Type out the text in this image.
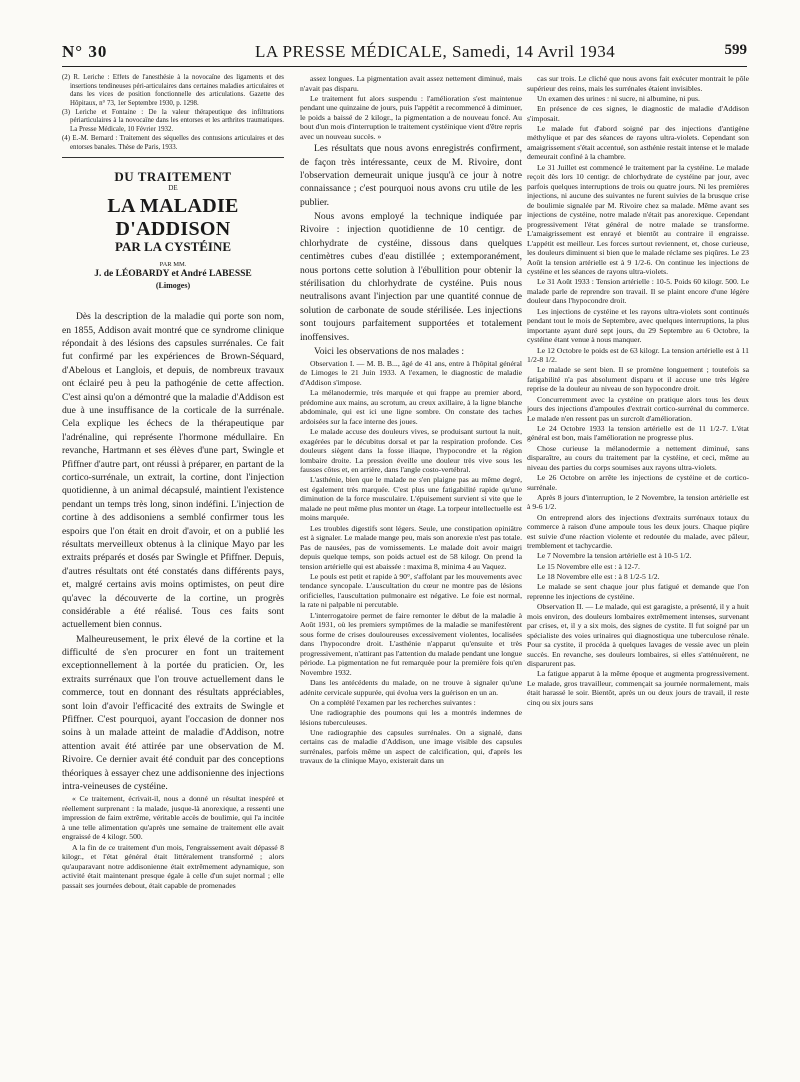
N° 30	LA PRESSE MÉDICALE, Samedi, 14 Avril 1934	599

(2) R. Leriche : Effets de l'anesthésie à la novocaïne des ligaments et des insertions tendineuses péri-articulaires dans certaines maladies articulaires et dans les vices de position fonctionnelle des articulations. Gazette des Hôpitaux, n° 73, 1er Septembre 1930, p. 1298.

(3) Leriche et Fontaine : De la valeur thérapeutique des infiltrations périarticulaires à la novocaïne dans les entorses et les arthrites traumatiques. La Presse Médicale, 10 Février 1932.

(4) E.-M. Bernard : Traitement des séquelles des contusions articulaires et des entorses banales. Thèse de Paris, 1933.

DU TRAITEMENT
DE
LA MALADIE D'ADDISON
PAR LA CYSTÉINE
PAR MM.
J. de LÉOBARDY et André LABESSE
(Limoges)

Dès la description de la maladie qui porte son nom, en 1855, Addison avait montré que ce syndrome clinique répondait à des lésions des capsules surrénales. Ce fait fut confirmé par les expériences de Brown-Séquard, d'Abelous et Langlois, et depuis, de nombreux travaux ont éclairé peu à peu la pathogénie de cette affection. C'est ainsi qu'on a démontré que la maladie d'Addison est due à une insuffisance de la corticale de la surrénale. Cela explique les échecs de la thérapeutique par l'adrénaline, qui représente l'hormone médullaire. En revanche, Hartmann et ses élèves d'une part, Swingle et Pfiffner d'autre part, ont réussi à préparer, en partant de la cortico-surrénale, un extrait, la cortine, dont l'injection quotidienne, à un animal décapsulé, maintient l'existence pendant un temps très long, sinon indéfini. L'injection de cortine à des addisoniens a semblé confirmer tous les espoirs que l'on était en droit d'avoir, et on a publié les résultats merveilleux obtenus à la clinique Mayo par les extraits préparés et dosés par Swingle et Pfiffner. Depuis, d'autres résultats ont été constatés dans différents pays, et, malgré certains avis moins optimistes, on peut dire qu'avec la découverte de la cortine, un progrès considérable a été réalisé. Tous ces faits sont actuellement bien connus.

Malheureusement, le prix élevé de la cortine et la difficulté de s'en procurer en font un traitement exceptionnellement à la portée du praticien. Or, les extraits surrénaux que l'on trouve actuellement dans le commerce, tout en donnant des résultats appréciables, sont loin d'avoir l'efficacité des extraits de Swingle et Pfiffner. C'est pourquoi, ayant l'occasion de donner nos soins à un malade atteint de maladie d'Addison, notre attention avait été attirée par une observation de M. Rivoire. Ce dernier avait été conduit par des conceptions théoriques à essayer chez une addisonienne des injections intra-veineuses de cystéine.

« Ce traitement, écrivait-il, nous a donné un résultat inespéré et réellement surprenant : la malade, jusque-là anorexique, a ressenti une impression de faim extrême, véritable accès de boulimie, qui l'a incitée à une telle alimentation qu'après une semaine de traitement elle avait engraissé de 4 kilogr. 500.

A la fin de ce traitement d'un mois, l'engraissement avait dépassé 8 kilogr., et l'état général était littéralement transformé ; alors qu'auparavant notre addisonienne était extrêmement adynamique, son activité était maintenant presque égale à celle d'un sujet normal ; elle passait ses journées debout, était capable de promenades

assez longues. La pigmentation avait assez nettement diminué, mais n'avait pas disparu.

Le traitement fut alors suspendu : l'amélioration s'est maintenue pendant une quinzaine de jours, puis l'appétit a recommencé à diminuer, le poids a baissé de 2 kilogr., la pigmentation a de nouveau foncé. Au bout d'un mois d'interruption le traitement cystéinique vient d'être repris avec un nouveau succès. »

Les résultats que nous avons enregistrés confirment, de façon très intéressante, ceux de M. Rivoire, dont l'observation demeurait unique jusqu'à ce jour à notre connaissance ; c'est pourquoi nous avons cru utile de les publier.

Nous avons employé la technique indiquée par Rivoire : injection quotidienne de 10 centigr. de chlorhydrate de cystéine, dissous dans quelques centimètres cubes d'eau distillée ; extemporanément, nous portons cette solution à l'ébullition pour obtenir la stérilisation du chlorhydrate de cystéine. Puis nous neutralisons avant l'injection par une quantité connue de solution de carbonate de soude stérilisée. Les injections sont toujours parfaitement supportées et totalement inoffensives.

Voici les observations de nos malades :

Observation I. — M. B. B..., âgé de 41 ans, entre à l'hôpital général de Limoges le 21 Juin 1933. A l'examen, le diagnostic de maladie d'Addison s'impose.

La mélanodermie, très marquée et qui frappe au premier abord, prédomine aux mains, au scrotum, au creux axillaire, à la ligne blanche abdominale, qui est ici une ligne sombre. On constate des taches ardoisées sur la face interne des joues.

Le malade accuse des douleurs vives, se produisant surtout la nuit, exagérées par le décubitus dorsal et par la respiration profonde. Ces douleurs siègent dans la fosse iliaque, l'hypocondre et la région lombaire droite. La pression éveille une douleur très vive sous les fausses côtes et, en arrière, dans l'angle costo-vertébral.

L'asthénie, bien que le malade ne s'en plaigne pas au même degré, est également très marquée. C'est plus une fatigabilité rapide qu'une diminution de la force musculaire. L'épuisement survient si vite que le malade ne peut même plus monter un étage. La torpeur intellectuelle est moins marquée.

Les troubles digestifs sont légers. Seule, une constipation opiniâtre est à signaler. Le malade mange peu, mais son anorexie n'est pas totale. Pas de nausées, pas de vomissements. Le malade doit avoir maigri depuis quelque temps, son poids actuel est de 58 kilogr. On prend la tension artérielle qui est abaissée : maxima 8, minima 4 au Vaquez.

Le pouls est petit et rapide à 90°, s'affolant par les mouvements avec tendance syncopale. L'auscultation du cœur ne montre pas de lésions orificielles, l'auscultation pulmonaire est négative. Le foie est normal, la rate ni palpable ni percutable.

L'interrogatoire permet de faire remonter le début de la maladie à Août 1931, où les premiers symptômes de la maladie se manifestèrent sous forme de crises douloureuses excessivement violentes, localisées dans l'hypocondre droit. L'asthénie n'apparut qu'ensuite et très progressivement, n'attirant pas l'attention du malade pendant une longue période. La pigmentation ne fut remarquée pour la première fois qu'en Novembre 1932.

Dans les antécédents du malade, on ne trouve à signaler qu'une adénite cervicale suppurée, qui évolua vers la guérison en un an.

On a complété l'examen par les recherches suivantes :

Une radiographie des poumons qui les a montrés indemnes de lésions tuberculeuses.

Une radiographie des capsules surrénales. On a signalé, dans certains cas de maladie d'Addison, une image visible des capsules surrénales, parfois même un aspect de calcification, qui, d'après les travaux de la clinique Mayo, existerait dans un

cas sur trois. Le cliché que nous avons fait exécuter montrait le pôle supérieur des reins, mais les surrénales étaient invisibles.

Un examen des urines : ni sucre, ni albumine, ni pus.

En présence de ces signes, le diagnostic de maladie d'Addison s'imposait.

Le malade fut d'abord soigné par des injections d'antigène méthylique et par des séances de rayons ultra-violets. Cependant son amaigrissement s'était accentué, son asthénie restait intense et le malade demeurait confiné à la chambre.

Le 31 Juillet est commencé le traitement par la cystéine. Le malade reçoit dès lors 10 centigr. de chlorhydrate de cystéine par jour, avec parfois quelques interruptions de trois ou quatre jours. Ni les premières injections, ni aucune des suivantes ne furent suivies de la brusque crise de boulimie signalée par M. Rivoire chez sa malade. Même avant ses injections de cystéine, notre malade n'était pas anorexique. Cependant progressivement l'état général de notre malade se transforme. L'amaigrissement est enrayé et bientôt au contraire il engraisse. L'appétit est meilleur. Les forces surtout reviennent, et, chose curieuse, les douleurs diminuent si bien que le malade réclame ses piqûres. Le 23 Août la tension artérielle est à 9 1/2-6. On continue les injections de cystéine et les séances de rayons ultra-violets.

Le 31 Août 1933 : Tension artérielle : 10-5. Poids 60 kilogr. 500. Le malade parle de reprendre son travail. Il se plaint encore d'une légère douleur dans l'hypocondre droit.

Les injections de cystéine et les rayons ultra-violets sont continués pendant tout le mois de Septembre, avec quelques interruptions, la plus importante ayant duré sept jours, du 29 Septembre au 6 Octobre, la cystéine étant venue à nous manquer.

Le 12 Octobre le poids est de 63 kilogr. La tension artérielle est à 11 1/2-8 1/2.

Le malade se sent bien. Il se promène longuement ; toutefois sa fatigabilité n'a pas absolument disparu et il accuse une très légère reprise de la douleur au niveau de son hypocondre droit.

Concurremment avec la cystéine on pratique alors tous les deux jours des injections d'ampoules d'extrait cortico-surrénal du commerce. Le malade n'en ressent pas un surcroît d'amélioration.

Le 24 Octobre 1933 la tension artérielle est de 11 1/2-7. L'état général est bon, mais l'amélioration ne progresse plus.

Chose curieuse la mélanodermie a nettement diminué, sans disparaître, au cours du traitement par la cystéine, et ceci, même au niveau des parties du corps soumises aux rayons ultra-violets.

Le 26 Octobre on arrête les injections de cystéine et de cortico-surrénale.

Après 8 jours d'interruption, le 2 Novembre, la tension artérielle est à 9-6 1/2.

On entreprend alors des injections d'extraits surrénaux totaux du commerce à raison d'une ampoule tous les deux jours. Chaque piqûre est suivie d'une réaction violente et redoutée du malade, avec pâleur, tremblement et tachycardie.

Le 7 Novembre la tension artérielle est à 10-5 1/2.

Le 15 Novembre elle est : à 12-7.

Le 18 Novembre elle est : à 8 1/2-5 1/2.

Le malade se sent chaque jour plus fatigué et demande que l'on reprenne les injections de cystéine.

Observation II. — Le malade, qui est garagiste, a présenté, il y a huit mois environ, des douleurs lombaires extrêmement intenses, survenant par crises, et, il y a six mois, des signes de cystite. Il fut soigné par un spécialiste des voies urinaires qui diagnostiqua une tuberculose rénale. Pour sa cystite, il procéda à quelques lavages de vessie avec un plein succès. En revanche, ses douleurs lombaires, si elles s'atténuèrent, ne disparurent pas.

La fatigue apparut à la même époque et augmenta progressivement. Le malade, gros travailleur, commençait sa journée normalement, mais était harassé le soir. Bientôt, après un ou deux jours de travail, il reste cinq ou six jours sans
